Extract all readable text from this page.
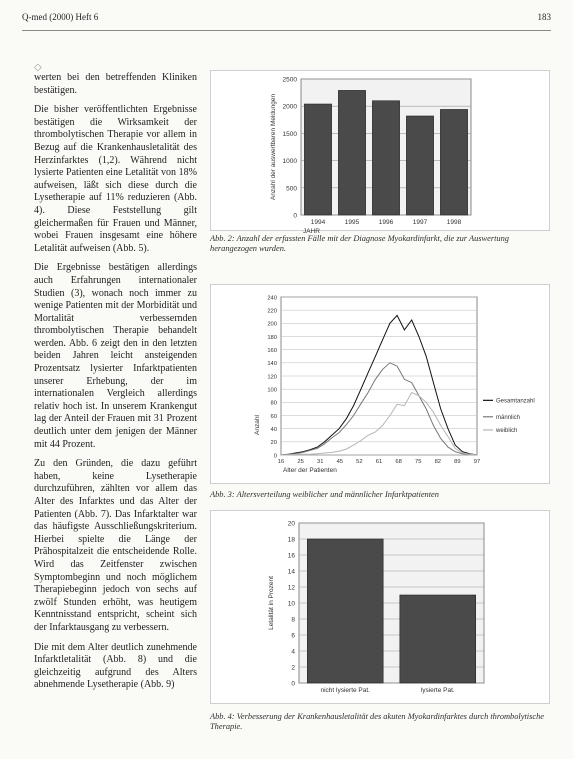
Q-med (2000) Heft 6	183
◇

werten bei den betreffenden Kliniken bestätigen.

Die bisher veröffentlichten Ergebnisse bestätigen die Wirksamkeit der thrombolytischen Therapie vor allem in Bezug auf die Krankenhausletalität des Herzinfarktes (1,2). Während nicht lysierte Patienten eine Letalität von 18% aufweisen, läßt sich diese durch die Lysetherapie auf 11% reduzieren (Abb. 4). Diese Feststellung gilt gleichermaßen für Frauen und Männer, wobei Frauen insgesamt eine höhere Letalität aufweisen (Abb. 5).

Die Ergebnisse bestätigen allerdings auch Erfahrungen internationaler Studien (3), wonach noch immer zu wenige Patienten mit der Morbidität und Mortalität verbessernden thrombolytischen Therapie behandelt werden. Abb. 6 zeigt den in den letzten beiden Jahren leicht ansteigenden Prozentsatz lysierter Infarktpatienten unserer Erhebung, der im internationalen Vergleich allerdings relativ hoch ist. In unserem Krankengut lag der Anteil der Frauen mit 31 Prozent deutlich unter dem jenigen der Männer mit 44 Prozent.

Zu den Gründen, die dazu geführt haben, keine Lysetherapie durchzuführen, zählten vor allem das Alter des Infarktes und das Alter der Patienten (Abb. 7). Das Infarktalter war das häufigste Ausschließungskriterium. Hierbei spielte die Länge der Prähospitalzeit die entscheidende Rolle. Wird das Zeitfenster zwischen Symptombeginn und noch möglichem Therapiebeginn jedoch von sechs auf zwölf Stunden erhöht, was heutigem Kenntnisstand entspricht, scheint sich der Infarktausgang zu verbessern.

Die mit dem Alter deutlich zunehmende Infarktletalität (Abb. 8) und die gleichzeitig aufgrund des Alters abnehmende Lysetherapie (Abb. 9)

0
500
1000
1500
2000
2500
1994	1995	1996	1997	1998
JAHR
Anzahl der auswertbaren Meldungen
Abb. 2: Anzahl der erfassten Fälle mit der Diagnose Myokardinfarkt, die zur Auswertung herangezogen wurden.
0
20
40
60
80
100
120
140
160
180
200
220
240
16 25 31 45 52 61 68 75 82 89 97
Gesamtanzahl
männlich
weiblich
Alter der Patienten
Anzahl
Abb. 3: Altersverteilung weiblicher und männlicher Infarktpatienten
0
2
4
6
8
10
12
14
16
18
20
nicht lysierte Pat.	lysierte Pat.
Letalität in Prozent
Abb. 4: Verbesserung der Krankenhausletalität des akuten Myokardinfarktes durch thrombolytische Therapie.
